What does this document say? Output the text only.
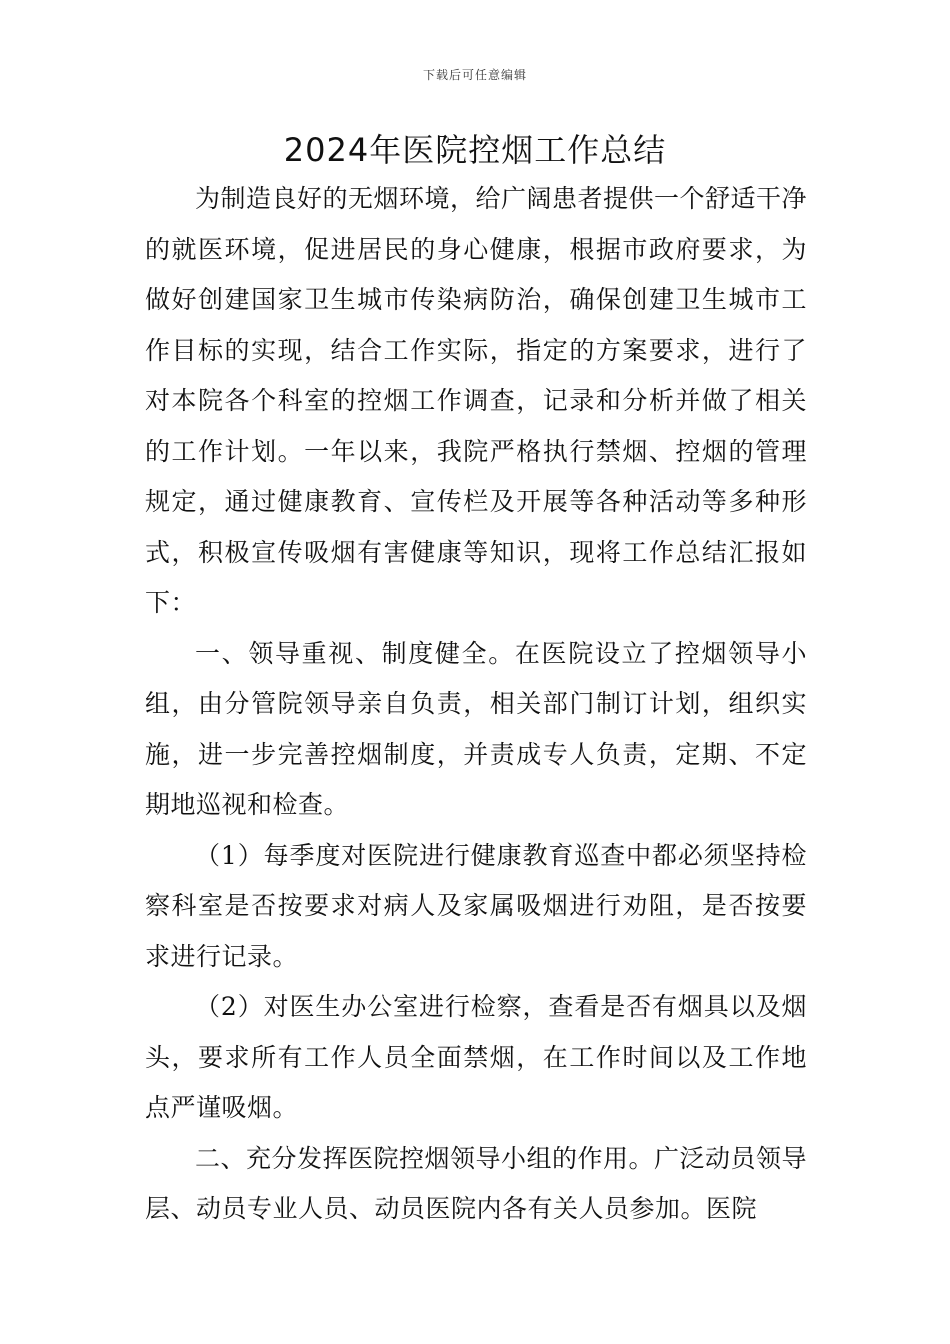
下载后可任意编辑
2024年医院控烟工作总结

为制造良好的无烟环境，给广阔患者提供一个舒适干净的就医环境，促进居民的身心健康，根据市政府要求，为做好创建国家卫生城市传染病防治，确保创建卫生城市工作目标的实现，结合工作实际，指定的方案要求，进行了对本院各个科室的控烟工作调查，记录和分析并做了相关的工作计划。一年以来，我院严格执行禁烟、控烟的管理规定，通过健康教育、宣传栏及开展等各种活动等多种形式，积极宣传吸烟有害健康等知识，现将工作总结汇报如下：

一、领导重视、制度健全。在医院设立了控烟领导小组，由分管院领导亲自负责，相关部门制订计划，组织实施，进一步完善控烟制度，并责成专人负责，定期、不定期地巡视和检查。

（1）每季度对医院进行健康教育巡查中都必须坚持检察科室是否按要求对病人及家属吸烟进行劝阻，是否按要求进行记录。

（2）对医生办公室进行检察，查看是否有烟具以及烟头，要求所有工作人员全面禁烟，在工作时间以及工作地点严谨吸烟。

二、充分发挥医院控烟领导小组的作用。广泛动员领导层、动员专业人员、动员医院内各有关人员参加。医院
